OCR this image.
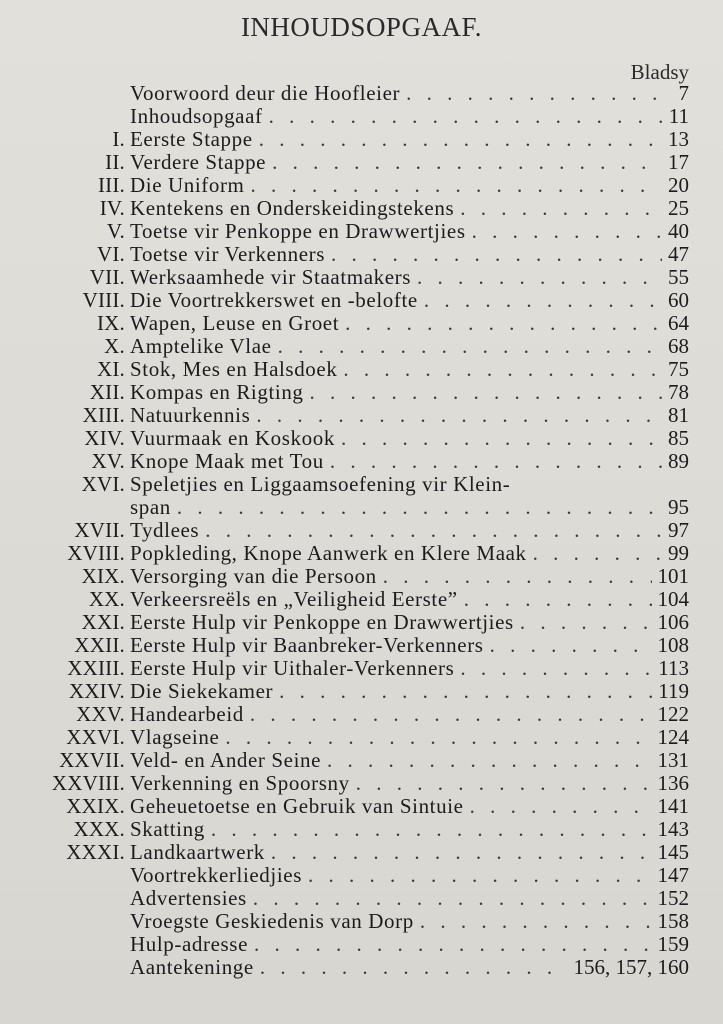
INHOUDSOPGAAF.
Bladsy
Voorwoord deur die Hoofleier . . .	7
Inhoudsopgaaf . . .	11
I. Eerste Stappe . . .	13
II. Verdere Stappe . . .	17
III. Die Uniform . . .	20
IV. Kentekens en Onderskeidingstekens . . .	25
V. Toetse vir Penkoppe en Drawwertjies . . .	40
VI. Toetse vir Verkenners . . .	47
VII. Werksaamhede vir Staatmakers . . .	55
VIII. Die Voortrekkerswet en -belofte . . .	60
IX. Wapen, Leuse en Groet . . .	64
X. Amptelike Vlae . . .	68
XI. Stok, Mes en Halsdoek . . .	75
XII. Kompas en Rigting . . .	78
XIII. Natuurkennis . . .	81
XIV. Vuurmaak en Koskook . . .	85
XV. Knope Maak met Tou . . .	89
XVI. Speletjies en Liggaamsoefening vir Klein-
span . . .	95
XVII. Tydlees . . .	97
XVIII. Popkleding, Knope Aanwerk en Klere Maak . . .	99
XIX. Versorging van die Persoon . . .	101
XX. Verkeersreëls en „Veiligheid Eerste” . . .	104
XXI. Eerste Hulp vir Penkoppe en Drawwertjies . . .	106
XXII. Eerste Hulp vir Baanbreker-Verkenners . . .	108
XXIII. Eerste Hulp vir Uithaler-Verkenners . . .	113
XXIV. Die Siekekamer . . .	119
XXV. Handearbeid . . .	122
XXVI. Vlagseine . . .	124
XXVII. Veld- en Ander Seine . . .	131
XXVIII. Verkenning en Spoorsny . . .	136
XXIX. Geheuetoetse en Gebruik van Sintuie . . .	141
XXX. Skatting . . .	143
XXXI. Landkaartwerk . . .	145
Voortrekkerliedjies . . .	147
Advertensies . . .	152
Vroegste Geskiedenis van Dorp . . .	158
Hulp-adresse . . .	159
Aantekeninge . . .	156, 157, 160
